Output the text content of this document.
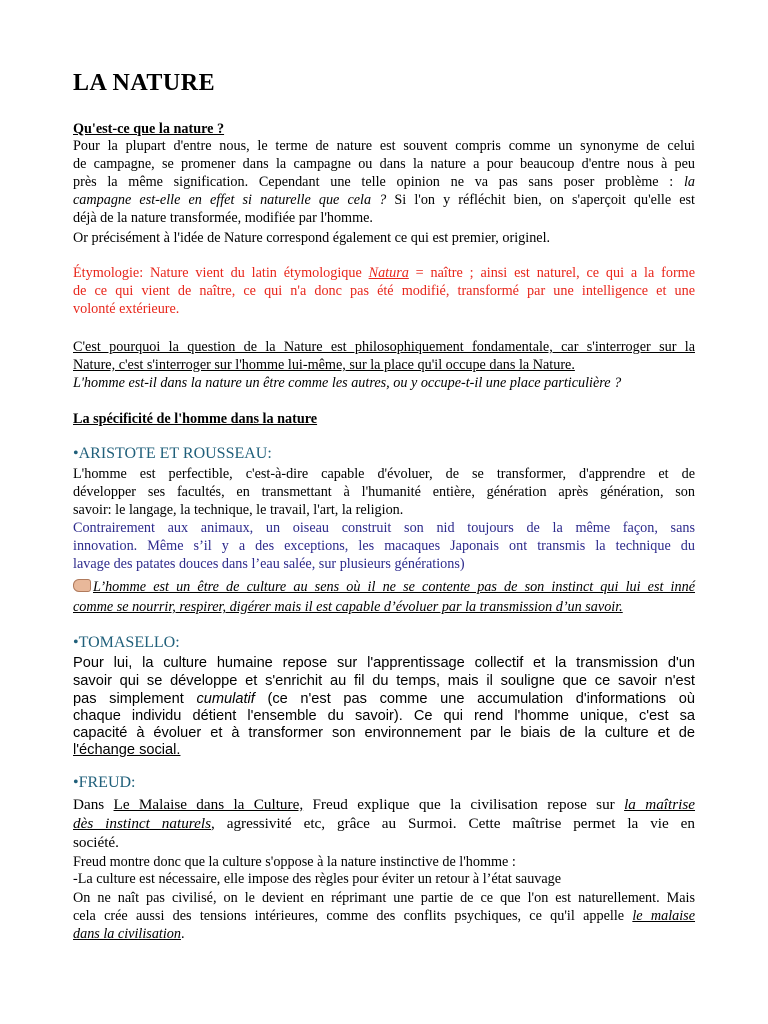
LA NATURE

Qu'est-ce que la nature ?

Pour la plupart d'entre nous, le terme de nature est souvent compris comme un synonyme de celui

de campagne, se promener dans la campagne ou dans la nature a pour beaucoup d'entre nous à peu

près la même signification. Cependant une telle opinion ne va pas sans poser problème : la

campagne est-elle en effet si naturelle que cela ? Si l'on y réfléchit bien, on s'aperçoit qu'elle est

déjà de la nature transformée, modifiée par l'homme.

Or précisément à l'idée de Nature correspond également ce qui est premier, originel.

Étymologie: Nature vient du latin étymologique Natura = naître ; ainsi est naturel, ce qui a la forme

de ce qui vient de naître, ce qui n'a donc pas été modifié, transformé par une intelligence et une

volonté extérieure.

C'est pourquoi la question de la Nature est philosophiquement fondamentale, car s'interroger sur la

Nature, c'est s'interroger sur l'homme lui-même, sur la place qu'il occupe dans la Nature.

L'homme est-il dans la nature un être comme les autres, ou y occupe-t-il une place particulière ?

La spécificité de l'homme dans la nature

•ARISTOTE ET ROUSSEAU:

L'homme est perfectible, c'est-à-dire capable d'évoluer, de se transformer, d'apprendre et de

développer ses facultés, en transmettant à l'humanité entière, génération après génération, son

savoir: le langage, la technique, le travail, l'art, la religion.

Contrairement aux animaux, un oiseau construit son nid toujours de la même façon, sans

innovation. Même s’il y a des exceptions, les macaques Japonais ont transmis la technique du

lavage des patates douces dans l’eau salée, sur plusieurs générations)

L’homme est un être de culture au sens où il ne se contente pas de son instinct qui lui est inné

comme se nourrir, respirer, digérer mais il est capable d’évoluer par la transmission d’un savoir.

•TOMASELLO:

Pour lui, la culture humaine repose sur l'apprentissage collectif et la transmission d'un

savoir qui se développe et s'enrichit au fil du temps, mais il souligne que ce savoir n'est

pas simplement cumulatif (ce n'est pas comme une accumulation d'informations où

chaque individu détient l'ensemble du savoir). Ce qui rend l'homme unique, c'est sa

capacité à évoluer et à transformer son environnement par le biais de la culture et de

l'échange social.

•FREUD:

Dans Le Malaise dans la Culture, Freud explique que la civilisation repose sur la maîtrise

dès instinct naturels, agressivité etc, grâce au Surmoi. Cette maîtrise permet la vie en

société.

Freud montre donc que la culture s'oppose à la nature instinctive de l'homme :

-La culture est nécessaire, elle impose des règles pour éviter un retour à l’état sauvage

On ne naît pas civilisé, on le devient en réprimant une partie de ce que l'on est naturellement. Mais

cela crée aussi des tensions intérieures, comme des conflits psychiques, ce qu'il appelle le malaise

dans la civilisation.
